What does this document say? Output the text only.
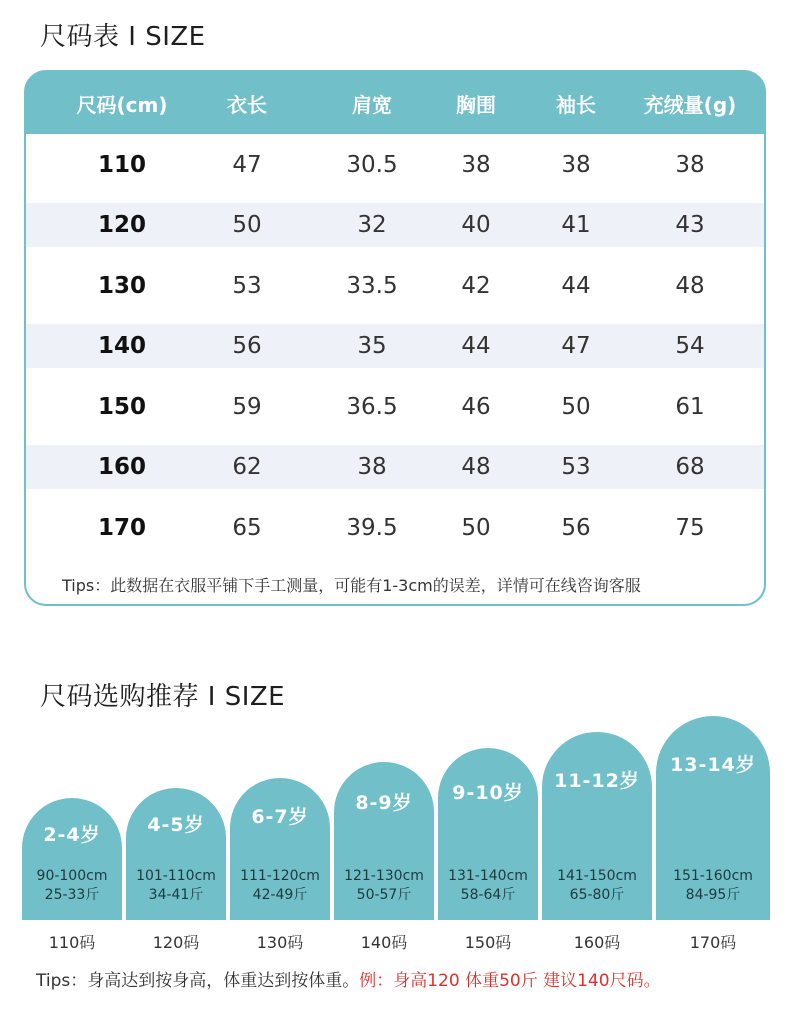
尺码表 I SIZE
尺码(cm)	衣长	肩宽	胸围	袖长	充绒量(g)
110	47	30.5	38	38	38
120	50	32	40	41	43
130	53	33.5	42	44	48
140	56	35	44	47	54
150	59	36.5	46	50	61
160	62	38	48	53	68
170	65	39.5	50	56	75
Tips：此数据在衣服平铺下手工测量，可能有1-3cm的误差，详情可在线咨询客服
尺码选购推荐 I SIZE
2-4岁
90-100cm
25-33斤
4-5岁
101-110cm
34-41斤
6-7岁
111-120cm
42-49斤
8-9岁
121-130cm
50-57斤
9-10岁
131-140cm
58-64斤
11-12岁
141-150cm
65-80斤
13-14岁
151-160cm
84-95斤
110码	120码	130码	140码	150码	160码	170码
Tips：身高达到按身高，体重达到按体重。例：身高120 体重50斤 建议140尺码。
